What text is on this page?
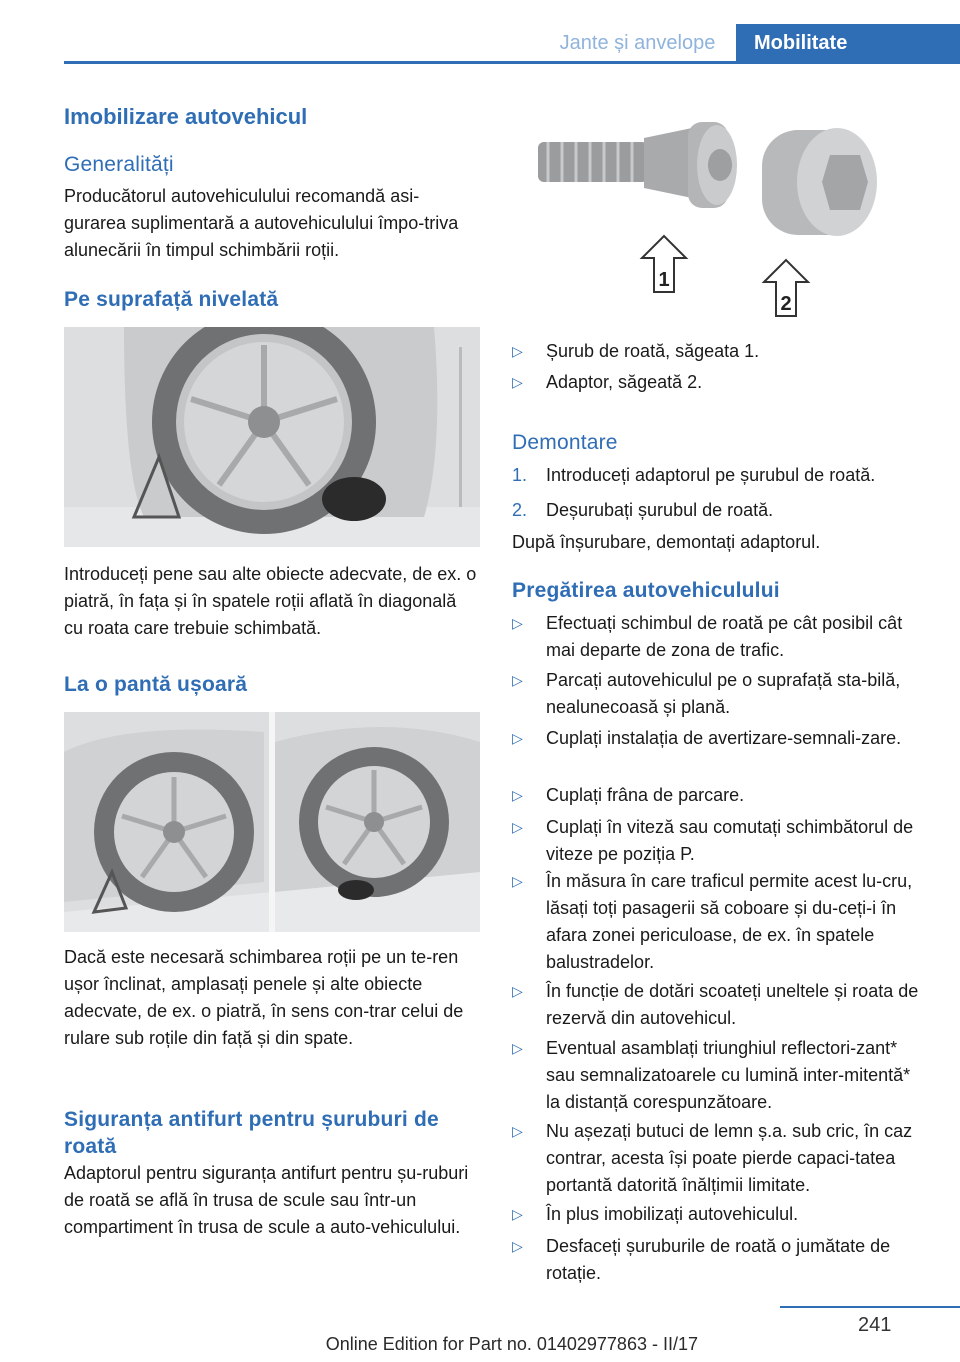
Jante și anvelope Mobilitate
Imobilizare autovehicul
Generalități
Producătorul autovehiculului recomandă asi-gurarea suplimentară a autovehiculului împo-triva alunecării în timpul schimbării roții.
Pe suprafață nivelată
Introduceți pene sau alte obiecte adecvate, de ex. o piatră, în fața și în spatele roții aflată în diagonală cu roata care trebuie schimbată.
La o pantă ușoară
Dacă este necesară schimbarea roții pe un te-ren ușor înclinat, amplasați penele și alte obiecte adecvate, de ex. o piatră, în sens con-trar celui de rulare sub roțile din față și din spate.
Siguranța antifurt pentru șuruburi de roată
Adaptorul pentru siguranța antifurt pentru șu-ruburi de roată se află în trusa de scule sau într-un compartiment în trusa de scule a auto-vehiculului.
1
2
▷ Șurub de roată, săgeata 1.
▷ Adaptor, săgeată 2.
Demontare
1. Introduceți adaptorul pe șurubul de roată.
2. Deșurubați șurubul de roată.
După înșurubare, demontați adaptorul.
Pregătirea autovehiculului
▷ Efectuați schimbul de roată pe cât posibil cât mai departe de zona de trafic.
▷ Parcați autovehiculul pe o suprafață sta-bilă, nealunecoasă și plană.
▷ Cuplați instalația de avertizare-semnali-zare.
▷ Cuplați frâna de parcare.
▷ Cuplați în viteză sau comutați schimbătorul de viteze pe poziția P.
▷ În măsura în care traficul permite acest lu-cru, lăsați toți pasagerii să coboare și du-ceți-i în afara zonei periculoase, de ex. în spatele balustradelor.
▷ În funcție de dotări scoateți uneltele și roata de rezervă din autovehicul.
▷ Eventual asamblați triunghiul reflectori-zant* sau semnalizatoarele cu lumină inter-mitentă* la distanță corespunzătoare.
▷ Nu așezați butuci de lemn ș.a. sub cric, în caz contrar, acesta își poate pierde capaci-tatea portantă datorită înălțimii limitate.
▷ În plus imobilizați autovehiculul.
▷ Desfaceți șuruburile de roată o jumătate de rotație.
241
Online Edition for Part no. 01402977863 - II/17
